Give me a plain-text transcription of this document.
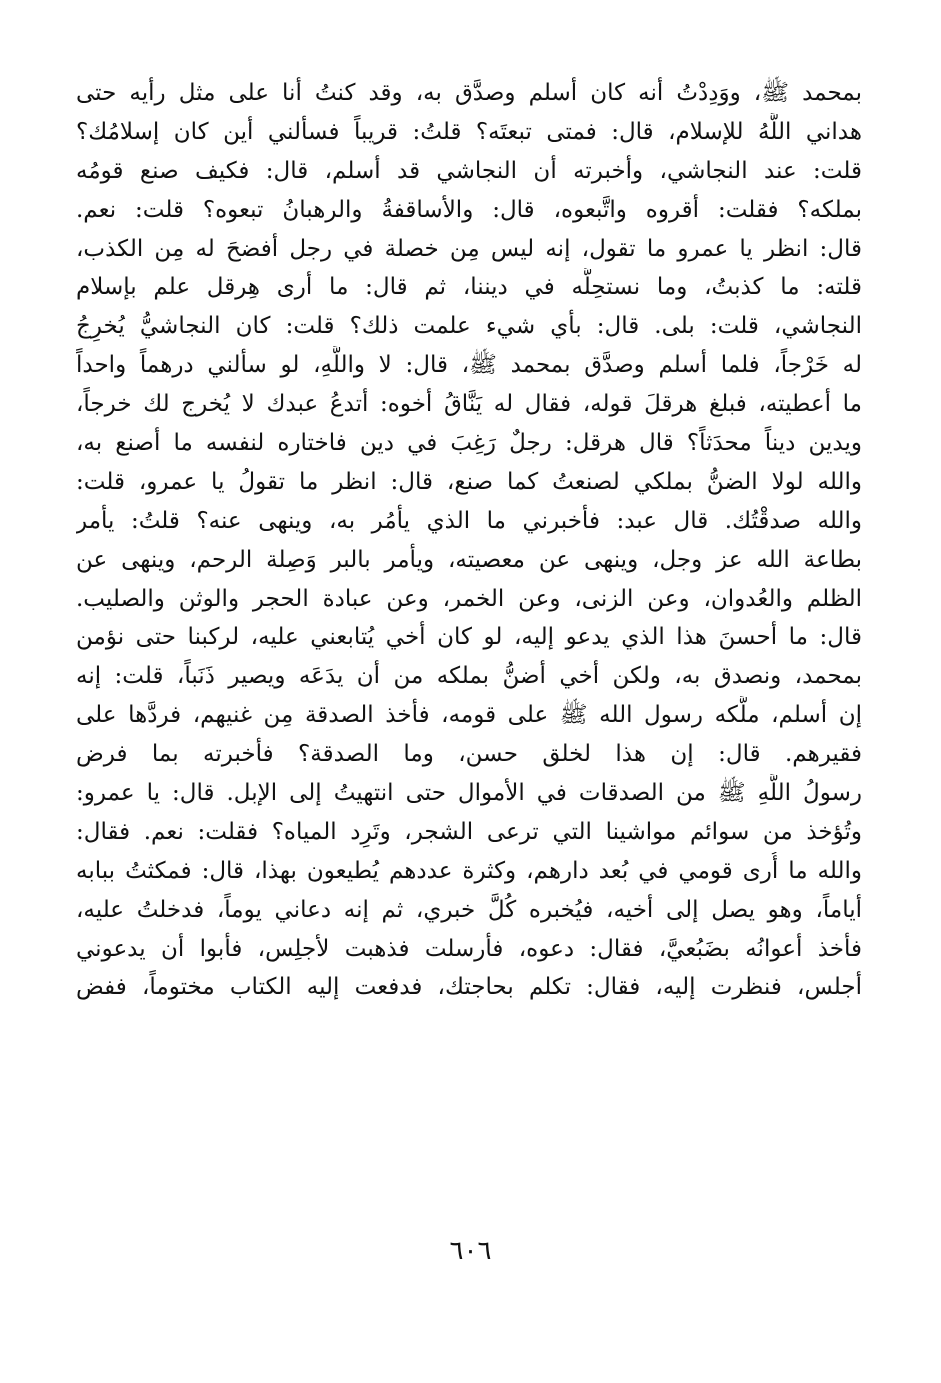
بمحمد ﷺ، ووَدِدْتُ أنه كان أسلم وصدَّق به، وقد كنتُ أنا على مثل رأيه حتى
هداني اللَّهُ للإسلام، قال: فمتى تبعتَه؟ قلتُ: قريباً فسألني أين كان إسلامُك؟
قلت: عند النجاشي، وأخبرته أن النجاشي قد أسلم، قال: فكيف صنع قومُه
بملكه؟ فقلت: أقروه واتَّبعوه، قال: والأساقفةُ والرهبانُ تبعوه؟ قلت: نعم.
قال: انظر يا عمرو ما تقول، إنه ليس مِن خصلة في رجل أفضحَ له مِن الكذب،
قلته: ما كذبتُ، وما نستحِلُّه في ديننا، ثم قال: ما أرى هِرقل علم بإسلام
النجاشي، قلت: بلى. قال: بأي شيء علمت ذلك؟ قلت: كان النجاشيُّ يُخرِجُ
له خَرْجاً، فلما أسلم وصدَّق بمحمد ﷺ، قال: لا واللَّهِ، لو سألني درهماً واحداً
ما أعطيته، فبلغ هرقلَ قوله، فقال له يَنَّاقُ أخوه: أتدعُ عبدك لا يُخرج لك خرجاً،
ويدين ديناً محدَثاً؟ قال هرقل: رجلٌ رَغِبَ في دين فاختاره لنفسه ما أصنع به،
والله لولا الضنُّ بملكي لصنعتُ كما صنع، قال: انظر ما تقولُ يا عمرو، قلت:
والله صدقْتُك. قال عبد: فأخبرني ما الذي يأمُر به، وينهى عنه؟ قلتُ: يأمر
بطاعة الله عز وجل، وينهى عن معصيته، ويأمر بالبر وَصِلة الرحم، وينهى عن
الظلم والعُدوان، وعن الزنى، وعن الخمر، وعن عبادة الحجر والوثن والصليب.
قال: ما أحسنَ هذا الذي يدعو إليه، لو كان أخي يُتابعني عليه، لركبنا حتى نؤمن
بمحمد، ونصدق به، ولكن أخي أضنُّ بملكه من أن يدَعَه ويصير ذَنَباً، قلت: إنه
إن أسلم، ملَّكه رسول الله ﷺ على قومه، فأخذ الصدقة مِن غنيهم، فردَّها على
فقيرهم. قال: إن هذا لخلق حسن، وما الصدقة؟ فأخبرته بما فرض
رسولُ اللَّهِ ﷺ من الصدقات في الأموال حتى انتهيتُ إلى الإبل. قال: يا عمرو:
وتُؤخذ من سوائم مواشينا التي ترعى الشجر، وتَرِد المياه؟ فقلت: نعم. فقال:
والله ما أُرى قومي في بُعد دارهم، وكثرة عددهم يُطيعون بهذا، قال: فمكثتُ ببابه
أياماً، وهو يصل إلى أخيه، فيُخبره كُلَّ خبري، ثم إنه دعاني يوماً، فدخلتُ عليه،
فأخذ أعوانُه بضَبُعيَّ، فقال: دعوه، فأرسلت فذهبت لأجلِس، فأبوا أن يدعوني
أجلس، فنظرت إليه، فقال: تكلم بحاجتك، فدفعت إليه الكتاب مختوماً، ففض
٦٠٦
